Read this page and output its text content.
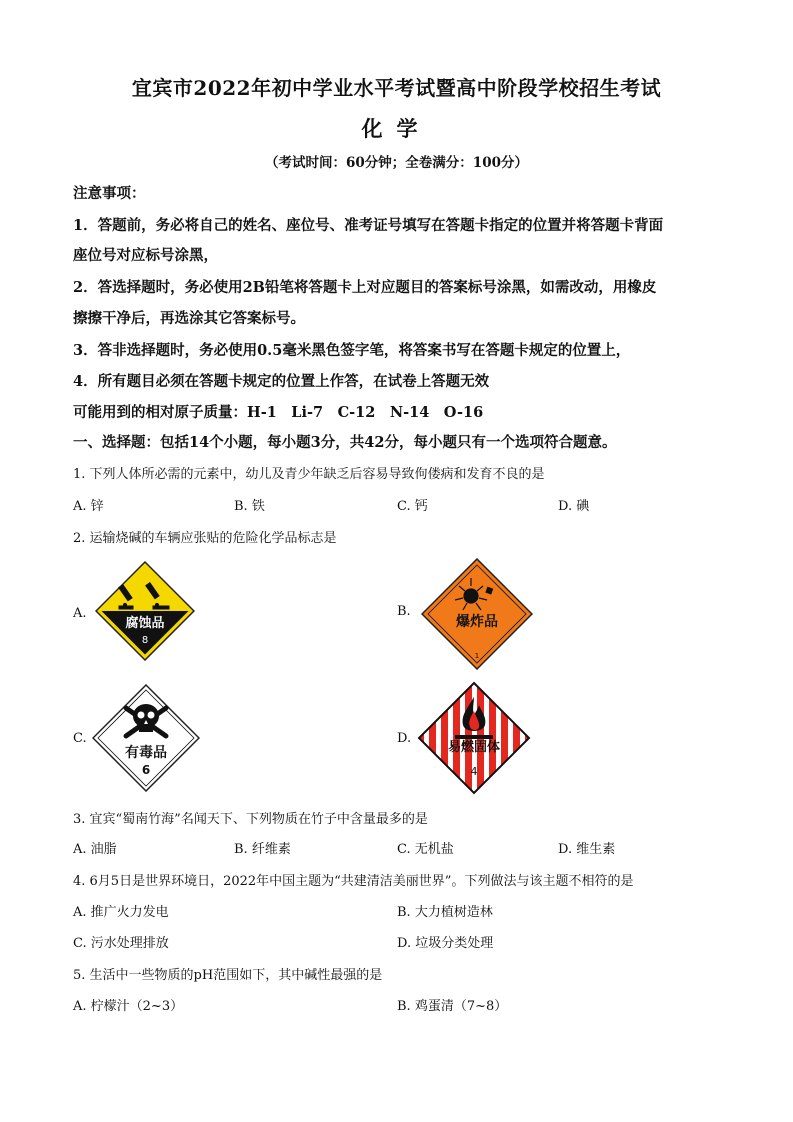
宜宾市2022年初中学业水平考试暨高中阶段学校招生考试
化学
（考试时间：60分钟；全卷满分：100分）
注意事项：
1．答题前，务必将自己的姓名、座位号、准考证号填写在答题卡指定的位置并将答题卡背面
座位号对应标号涂黑，
2．答选择题时，务必使用2B铅笔将答题卡上对应题目的答案标号涂黑，如需改动，用橡皮
擦擦干净后，再选涂其它答案标号。
3．答非选择题时，务必使用0.5毫米黑色签字笔，将答案书写在答题卡规定的位置上，
4．所有题目必须在答题卡规定的位置上作答，在试卷上答题无效
可能用到的相对原子质量：H-1　Li-7　C-12　N-14　O-16
一、选择题：包括14个小题，每小题3分，共42分，每小题只有一个选项符合题意。
1. 下列人体所必需的元素中，幼儿及青少年缺乏后容易导致佝偻病和发育不良的是
A. 锌	B. 铁	C. 钙	D. 碘
2. 运输烧碱的车辆应张贴的危险化学品标志是
A.	B.
C.	D.
腐蚀品
8
爆炸品
1
有毒品
6
易燃固体
4
3. 宜宾“蜀南竹海”名闻天下、下列物质在竹子中含量最多的是
A. 油脂	B. 纤维素	C. 无机盐	D. 维生素
4. 6月5日是世界环境日，2022年中国主题为“共建清洁美丽世界”。下列做法与该主题不相符的是
A. 推广火力发电	B. 大力植树造林
C. 污水处理排放	D. 垃圾分类处理
5. 生活中一些物质的pH范围如下，其中碱性最强的是
A. 柠檬汁（2~3）	B. 鸡蛋清（7~8）
